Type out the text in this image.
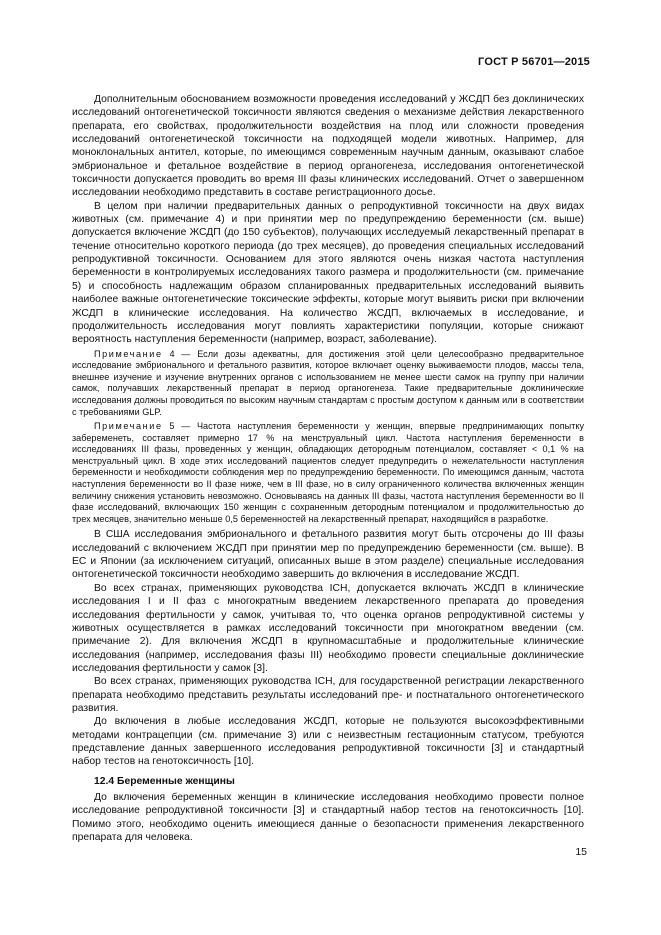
ГОСТ Р 56701—2015

Дополнительным обоснованием возможности проведения исследований у ЖСДП без доклинических исследований онтогенетической токсичности являются сведения о механизме действия лекарственного препарата, его свойствах, продолжительности воздействия на плод или сложности проведения исследований онтогенетической токсичности на подходящей модели животных. Например, для моноклональных антител, которые, по имеющимся современным научным данным, оказывают слабое эмбриональное и фетальное воздействие в период органогенеза, исследования онтогенетической токсичности допускается проводить во время III фазы клинических исследований. Отчет о завершенном исследовании необходимо представить в составе регистрационного досье.

В целом при наличии предварительных данных о репродуктивной токсичности на двух видах животных (см. примечание 4) и при принятии мер по предупреждению беременности (см. выше) допускается включение ЖСДП (до 150 субъектов), получающих исследуемый лекарственный препарат в течение относительно короткого периода (до трех месяцев), до проведения специальных исследований репродуктивной токсичности. Основанием для этого являются очень низкая частота наступления беременности в контролируемых исследованиях такого размера и продолжительности (см. примечание 5) и способность надлежащим образом спланированных предварительных исследований выявить наиболее важные онтогенетические токсические эффекты, которые могут выявить риски при включении ЖСДП в клинические исследования. На количество ЖСДП, включаемых в исследование, и продолжительность исследования могут повлиять характеристики популяции, которые снижают вероятность наступления беременности (например, возраст, заболевание).

Примечание 4 — Если дозы адекватны, для достижения этой цели целесообразно предварительное исследование эмбрионального и фетального развития, которое включает оценку выживаемости плодов, массы тела, внешнее изучение и изучение внутренних органов с использованием не менее шести самок на группу при наличии самок, получавших лекарственный препарат в период органогенеза. Такие предварительные доклинические исследования должны проводиться по высоким научным стандартам с простым доступом к данным или в соответствии с требованиями GLP.

Примечание 5 — Частота наступления беременности у женщин, впервые предпринимающих попытку забеременеть, составляет примерно 17 % на менструальный цикл. Частота наступления беременности в исследованиях III фазы, проведенных у женщин, обладающих детородным потенциалом, составляет < 0,1 % на менструальный цикл. В ходе этих исследований пациентов следует предупредить о нежелательности наступления беременности и необходимости соблюдения мер по предупреждению беременности. По имеющимся данным, частота наступления беременности во II фазе ниже, чем в III фазе, но в силу ограниченного количества включенных женщин величину снижения установить невозможно. Основываясь на данных III фазы, частота наступления беременности во II фазе исследований, включающих 150 женщин с сохраненным детородным потенциалом и продолжительностью до трех месяцев, значительно меньше 0,5 беременностей на лекарственный препарат, находящийся в разработке.

В США исследования эмбрионального и фетального развития могут быть отсрочены до III фазы исследований с включением ЖСДП при принятии мер по предупреждению беременности (см. выше). В ЕС и Японии (за исключением ситуаций, описанных выше в этом разделе) специальные исследования онтогенетической токсичности необходимо завершить до включения в исследование ЖСДП.

Во всех странах, применяющих руководства ICH, допускается включать ЖСДП в клинические исследования I и II фаз с многократным введением лекарственного препарата до проведения исследования фертильности у самок, учитывая то, что оценка органов репродуктивной системы у животных осуществляется в рамках исследований токсичности при многократном введении (см. примечание 2). Для включения ЖСДП в крупномасштабные и продолжительные клинические исследования (например, исследования фазы III) необходимо провести специальные доклинические исследования фертильности у самок [3].

Во всех странах, применяющих руководства ICH, для государственной регистрации лекарственного препарата необходимо представить результаты исследований пре- и постнатального онтогенетического развития.

До включения в любые исследования ЖСДП, которые не пользуются высокоэффективными методами контрацепции (см. примечание 3) или с неизвестным гестационным статусом, требуются представление данных завершенного исследования репродуктивной токсичности [3] и стандартный набор тестов на генотоксичность [10].

12.4 Беременные женщины

До включения беременных женщин в клинические исследования необходимо провести полное исследование репродуктивной токсичности [3] и стандартный набор тестов на генотоксичность [10]. Помимо этого, необходимо оценить имеющиеся данные о безопасности применения лекарственного препарата для человека.

15
